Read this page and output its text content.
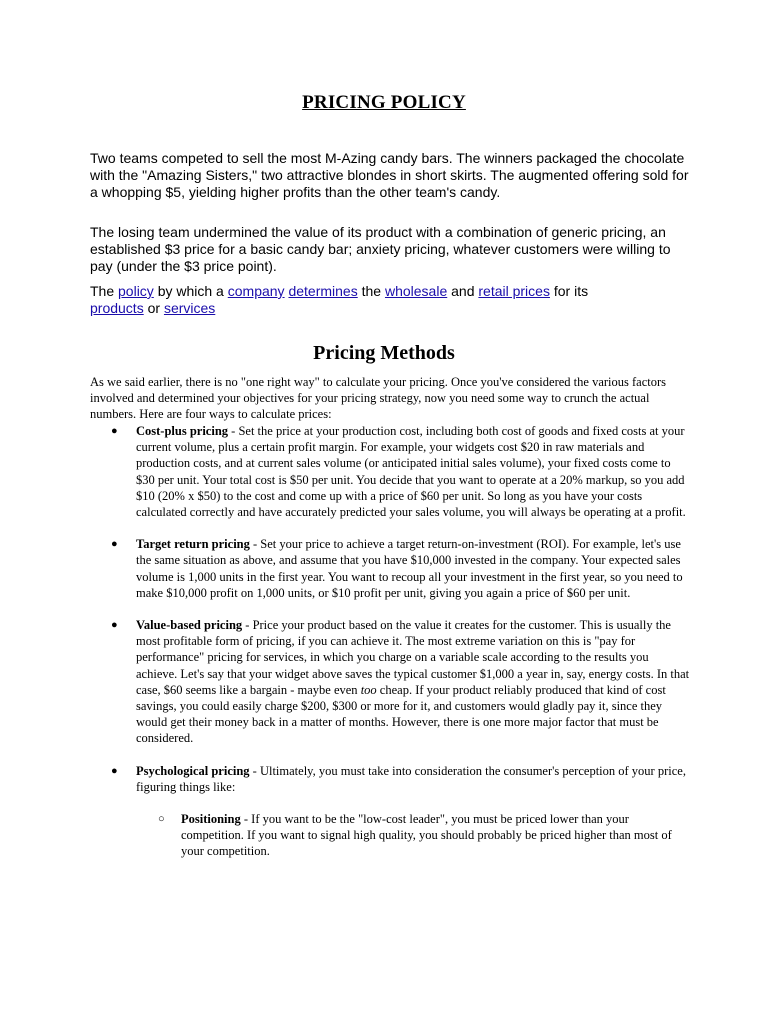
PRICING POLICY

Two teams competed to sell the most M-Azing candy bars. The winners packaged the chocolate with the "Amazing Sisters," two attractive blondes in short skirts. The augmented offering sold for a whopping $5, yielding higher profits than the other team's candy.

The losing team undermined the value of its product with a combination of generic pricing, an established $3 price for a basic candy bar; anxiety pricing, whatever customers were willing to pay (under the $3 price point).

The policy by which a company determines the wholesale and retail prices for its
products or services

Pricing Methods

As we said earlier, there is no "one right way" to calculate your pricing. Once you've considered the various factors involved and determined your objectives for your pricing strategy, now you need some way to crunch the actual numbers. Here are four ways to calculate prices:

● Cost-plus pricing - Set the price at your production cost, including both cost of goods and fixed costs at your current volume, plus a certain profit margin. For example, your widgets cost $20 in raw materials and production costs, and at current sales volume (or anticipated initial sales volume), your fixed costs come to $30 per unit. Your total cost is $50 per unit. You decide that you want to operate at a 20% markup, so you add $10 (20% x $50) to the cost and come up with a price of $60 per unit. So long as you have your costs calculated correctly and have accurately predicted your sales volume, you will always be operating at a profit.
● Target return pricing - Set your price to achieve a target return-on-investment (ROI). For example, let's use the same situation as above, and assume that you have $10,000 invested in the company. Your expected sales volume is 1,000 units in the first year. You want to recoup all your investment in the first year, so you need to make $10,000 profit on 1,000 units, or $10 profit per unit, giving you again a price of $60 per unit.
● Value-based pricing - Price your product based on the value it creates for the customer. This is usually the most profitable form of pricing, if you can achieve it. The most extreme variation on this is "pay for performance" pricing for services, in which you charge on a variable scale according to the results you achieve. Let's say that your widget above saves the typical customer $1,000 a year in, say, energy costs. In that case, $60 seems like a bargain - maybe even too cheap. If your product reliably produced that kind of cost savings, you could easily charge $200, $300 or more for it, and customers would gladly pay it, since they would get their money back in a matter of months. However, there is one more major factor that must be considered.
● Psychological pricing - Ultimately, you must take into consideration the consumer's perception of your price, figuring things like:
○ Positioning - If you want to be the "low-cost leader", you must be priced lower than your competition. If you want to signal high quality, you should probably be priced higher than most of your competition.
